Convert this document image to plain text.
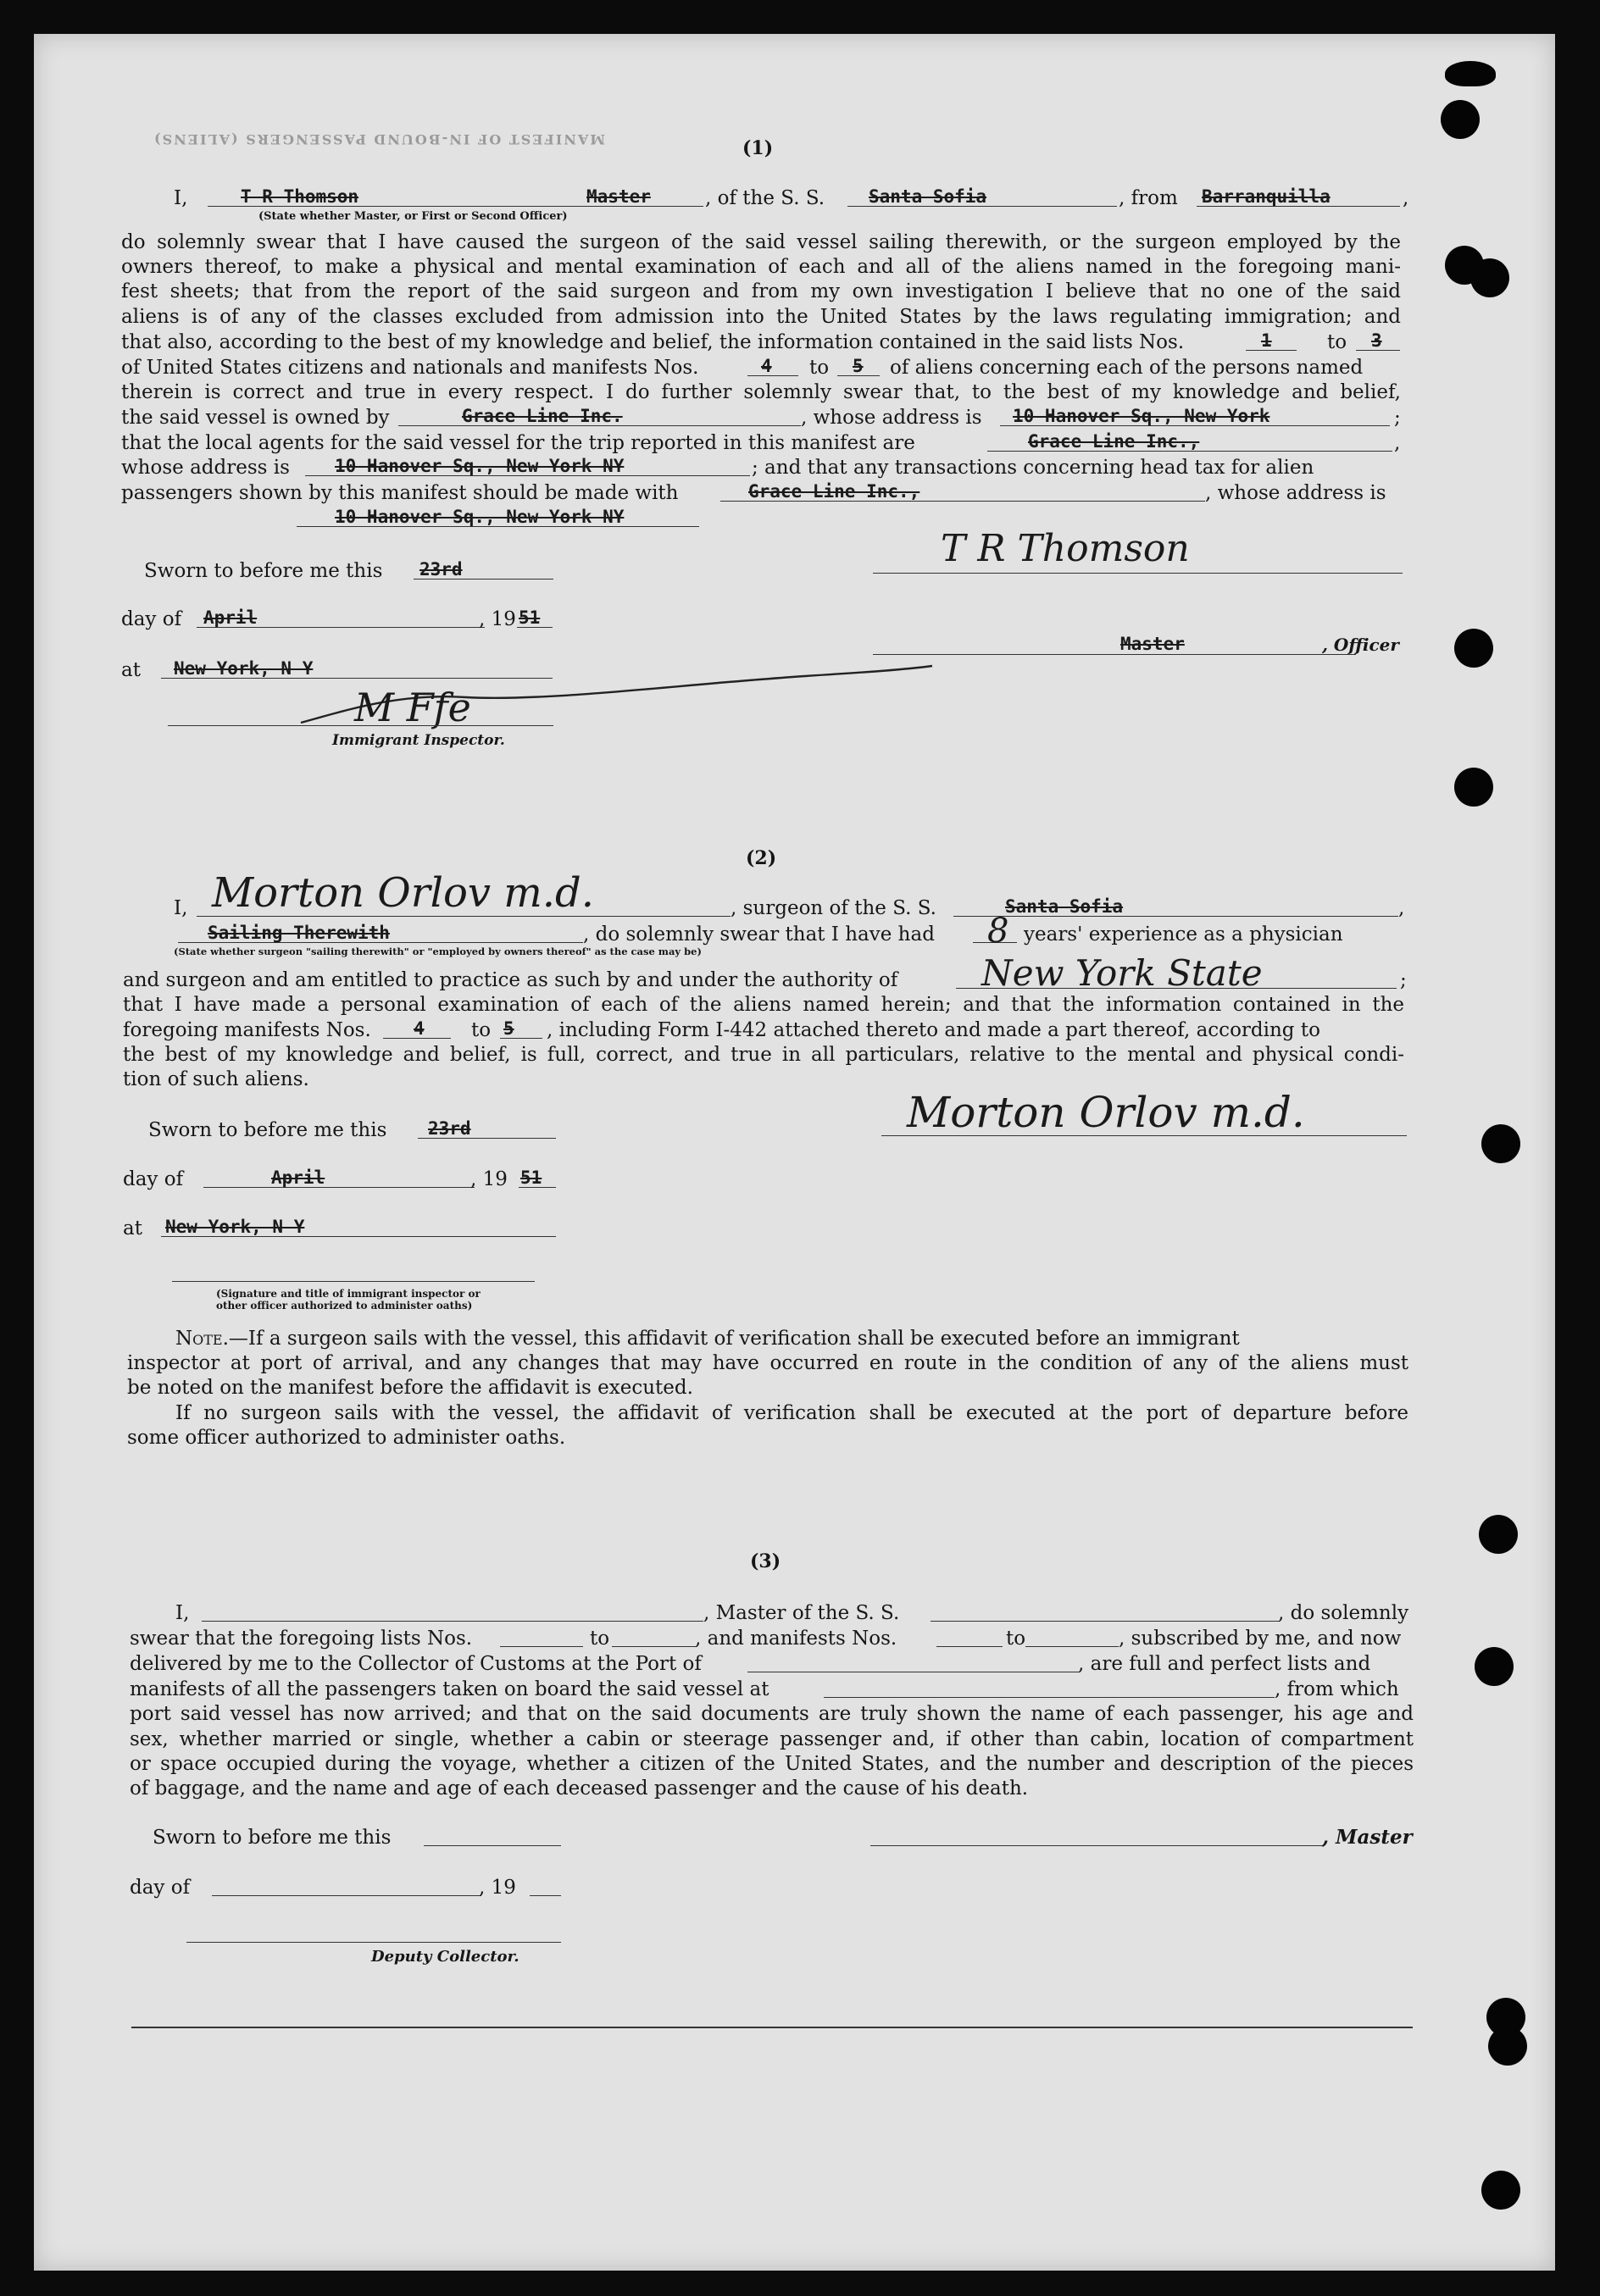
MANIFEST OF IN-BOUND PASSENGERS (ALIENS)	(1)
I,	T R Thomson	Master	, of the S. S. Santa Sofia	, from Barranquilla	,
(State whether Master, or First or Second Officer)
do solemnly swear that I have caused the surgeon of the said vessel sailing therewith, or the surgeon employed by the
owners thereof, to make a physical and mental examination of each and all of the aliens named in the foregoing mani-
fest sheets; that from the report of the said surgeon and from my own investigation I believe that no one of the said
aliens is of any of the classes excluded from admission into the United States by the laws regulating immigration; and
that also, according to the best of my knowledge and belief, the information contained in the said lists Nos.	1	to 3
of United States citizens and nationals and manifests Nos.	4 to 5 of aliens concerning each of the persons named
therein is correct and true in every respect. I do further solemnly swear that, to the best of my knowledge and belief,
the said vessel is owned by	Grace Line Inc.	, whose address is 10 Hanover Sq., New York	;
that the local agents for the said vessel for the trip reported in this manifest are	Grace Line Inc.,	,
whose address is	10 Hanover Sq., New York NY	; and that any transactions concerning head tax for alien
passengers shown by this manifest should be made with	Grace Line Inc.,	, whose address is
10 Hanover Sq., New York NY
Sworn to before me this 23rd	T R Thomson
day of April	, 19 51
Master	, Officer
at New York, N Y
M Ffe
Immigrant Inspector.
(2)
I, Morton Orlov m.d.	, surgeon of the S. S.	Santa Sofia	,
Sailing Therewith	, do solemnly swear that I have had 8 years' experience as a physician
(State whether surgeon "sailing therewith" or "employed by owners thereof" as the case may be)
and surgeon and am entitled to practice as such by and under the authority of New York State	;
that I have made a personal examination of each of the aliens named herein; and that the information contained in the
foregoing manifests Nos. 4 to 5 , including Form I-442 attached thereto and made a part thereof, according to
the best of my knowledge and belief, is full, correct, and true in all particulars, relative to the mental and physical condi-
tion of such aliens.
Sworn to before me this 23rd	Morton Orlov m.d.
day of	April	, 19 51
at New York, N Y
(Signature and title of immigrant inspector or
other officer authorized to administer oaths)
Note.—If a surgeon sails with the vessel, this affidavit of verification shall be executed before an immigrant
inspector at port of arrival, and any changes that may have occurred en route in the condition of any of the aliens must
be noted on the manifest before the affidavit is executed.
If no surgeon sails with the vessel, the affidavit of verification shall be executed at the port of departure before
some officer authorized to administer oaths.
(3)
I,	, Master of the S. S.	, do solemnly
swear that the foregoing lists Nos.	to	, and manifests Nos.	to	, subscribed by me, and now
delivered by me to the Collector of Customs at the Port of	, are full and perfect lists and
manifests of all the passengers taken on board the said vessel at	, from which
port said vessel has now arrived; and that on the said documents are truly shown the name of each passenger, his age and
sex, whether married or single, whether a cabin or steerage passenger and, if other than cabin, location of compartment
or space occupied during the voyage, whether a citizen of the United States, and the number and description of the pieces
of baggage, and the name and age of each deceased passenger and the cause of his death.
Sworn to before me this	, Master
day of	, 19
Deputy Collector.
